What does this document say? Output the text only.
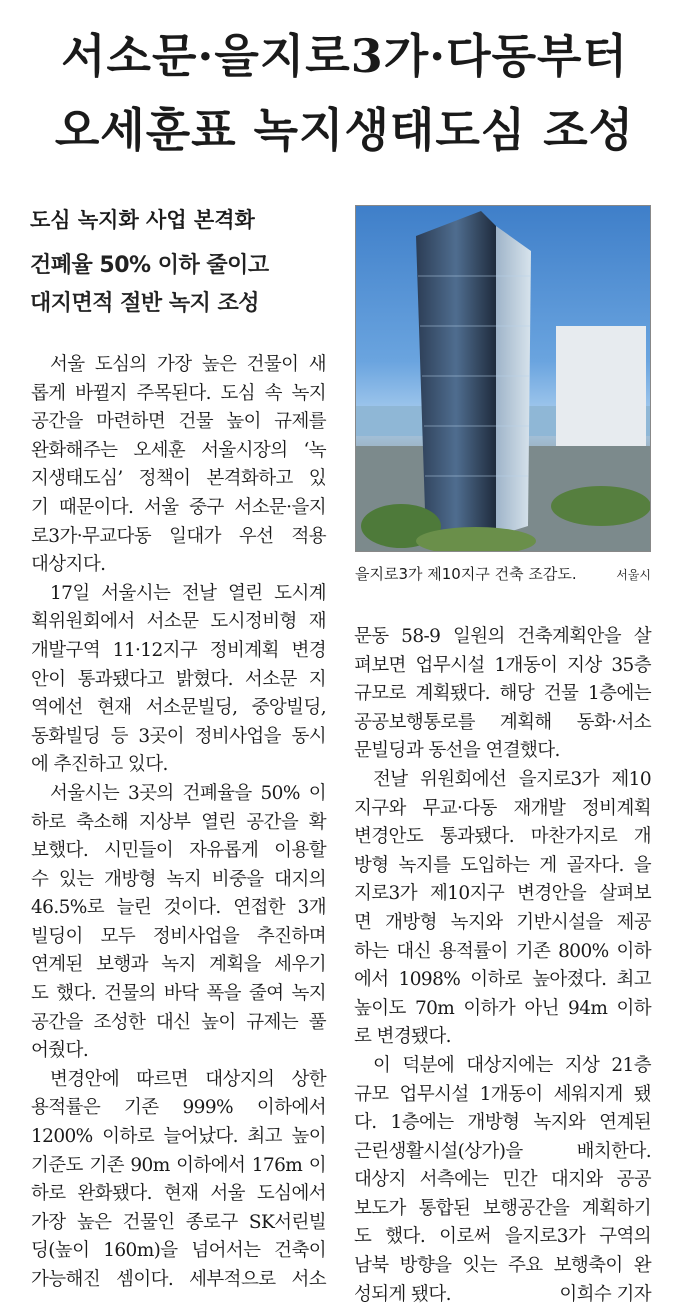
서소문·을지로3가·다동부터
오세훈표 녹지생태도심 조성
도심 녹지화 사업 본격화
건폐율 50% 이하 줄이고
대지면적 절반 녹지 조성
을지로3가 제10지구 건축 조감도.	서울시
서울 도심의 가장 높은 건물이 새
롭게 바뀔지 주목된다. 도심 속 녹지
공간을 마련하면 건물 높이 규제를
완화해주는 오세훈 서울시장의 ‘녹
지생태도심’ 정책이 본격화하고 있
기 때문이다. 서울 중구 서소문·을지
로3가·무교다동 일대가 우선 적용
대상지다.
17일 서울시는 전날 열린 도시계
획위원회에서 서소문 도시정비형 재
개발구역 11·12지구 정비계획 변경
안이 통과됐다고 밝혔다. 서소문 지
역에선 현재 서소문빌딩, 중앙빌딩,
동화빌딩 등 3곳이 정비사업을 동시
에 추진하고 있다.
서울시는 3곳의 건폐율을 50% 이
하로 축소해 지상부 열린 공간을 확
보했다. 시민들이 자유롭게 이용할
수 있는 개방형 녹지 비중을 대지의
46.5%로 늘린 것이다. 연접한 3개
빌딩이 모두 정비사업을 추진하며
연계된 보행과 녹지 계획을 세우기
도 했다. 건물의 바닥 폭을 줄여 녹지
공간을 조성한 대신 높이 규제는 풀
어줬다.
변경안에 따르면 대상지의 상한
용적률은 기존 999% 이하에서
1200% 이하로 늘어났다. 최고 높이
기준도 기존 90m 이하에서 176m 이
하로 완화됐다. 현재 서울 도심에서
가장 높은 건물인 종로구 SK서린빌
딩(높이 160m)을 넘어서는 건축이
가능해진 셈이다. 세부적으로 서소
문동 58-9 일원의 건축계획안을 살
펴보면 업무시설 1개동이 지상 35층
규모로 계획됐다. 해당 건물 1층에는
공공보행통로를 계획해 동화·서소
문빌딩과 동선을 연결했다.
전날 위원회에선 을지로3가 제10
지구와 무교·다동 재개발 정비계획
변경안도 통과됐다. 마찬가지로 개
방형 녹지를 도입하는 게 골자다. 을
지로3가 제10지구 변경안을 살펴보
면 개방형 녹지와 기반시설을 제공
하는 대신 용적률이 기존 800% 이하
에서 1098% 이하로 높아졌다. 최고
높이도 70m 이하가 아닌 94m 이하
로 변경됐다.
이 덕분에 대상지에는 지상 21층
규모 업무시설 1개동이 세워지게 됐
다. 1층에는 개방형 녹지와 연계된
근린생활시설(상가)을 배치한다.
대상지 서측에는 민간 대지와 공공
보도가 통합된 보행공간을 계획하기
도 했다. 이로써 을지로3가 구역의
남북 방향을 잇는 주요 보행축이 완
성되게 됐다.	이희수 기자
